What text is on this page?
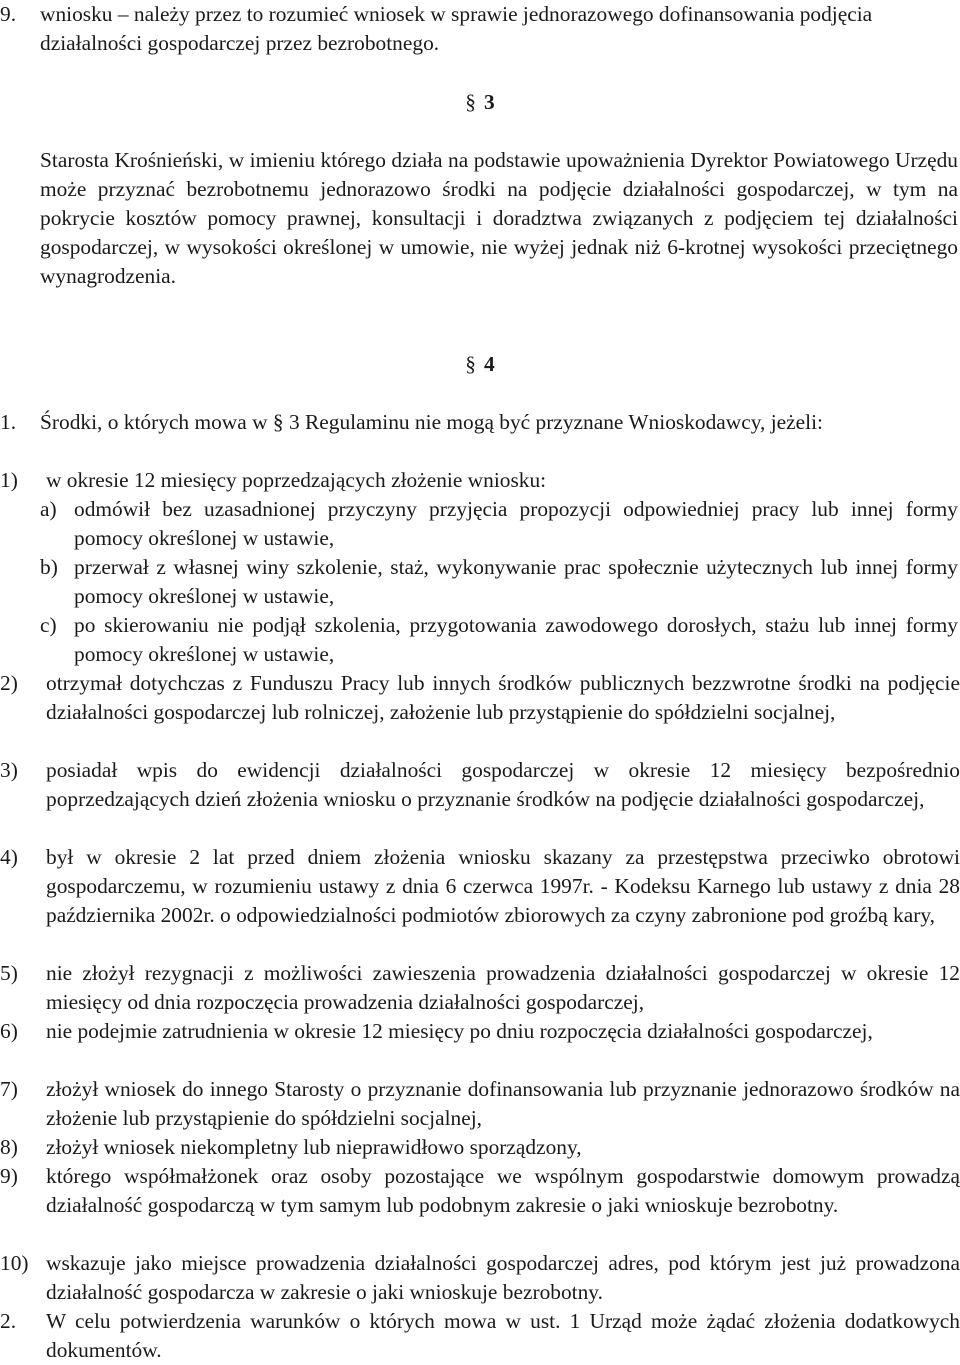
9.	wniosku – należy przez to rozumieć wniosek w sprawie jednorazowego dofinansowania podjęcia działalności gospodarczej przez bezrobotnego.
§ 3
Starosta Krośnieński, w imieniu którego działa na podstawie upoważnienia Dyrektor Powiatowego Urzędu może przyznać bezrobotnemu jednorazowo środki na podjęcie działalności gospodarczej, w tym na pokrycie kosztów pomocy prawnej, konsultacji i doradztwa związanych z podjęciem tej działalności gospodarczej, w wysokości określonej w umowie, nie wyżej jednak niż 6-krotnej wysokości przeciętnego wynagrodzenia.
§ 4
1.	Środki, o których mowa w § 3 Regulaminu nie mogą być przyznane Wnioskodawcy, jeżeli:
1)	w okresie 12 miesięcy poprzedzających złożenie wniosku:
a) odmówił bez uzasadnionej przyczyny przyjęcia propozycji odpowiedniej pracy lub innej formy pomocy określonej w ustawie,
b) przerwał z własnej winy szkolenie, staż, wykonywanie prac społecznie użytecznych lub innej formy pomocy określonej w ustawie,
c) po skierowaniu nie podjął szkolenia, przygotowania zawodowego dorosłych, stażu lub innej formy pomocy określonej w ustawie,
2)	otrzymał dotychczas z Funduszu Pracy lub innych środków publicznych bezzwrotne środki na podjęcie działalności gospodarczej lub rolniczej, założenie lub przystąpienie do spółdzielni socjalnej,
3)	posiadał wpis do ewidencji działalności gospodarczej w okresie 12 miesięcy bezpośrednio poprzedzających dzień złożenia wniosku o przyznanie środków na podjęcie działalności gospodarczej,
4)	był w okresie 2 lat przed dniem złożenia wniosku skazany za przestępstwa przeciwko obrotowi gospodarczemu, w rozumieniu ustawy z dnia 6 czerwca 1997r. - Kodeksu Karnego lub ustawy z dnia 28 października 2002r. o odpowiedzialności podmiotów zbiorowych za czyny zabronione pod groźbą kary,
5)	nie złożył rezygnacji z możliwości zawieszenia prowadzenia działalności gospodarczej w okresie 12 miesięcy od dnia rozpoczęcia prowadzenia działalności gospodarczej,
6)	nie podejmie zatrudnienia w okresie 12 miesięcy po dniu rozpoczęcia działalności gospodarczej,
7)	złożył wniosek do innego Starosty o przyznanie dofinansowania lub przyznanie jednorazowo środków na złożenie lub przystąpienie do spółdzielni socjalnej,
8)	złożył wniosek niekompletny lub nieprawidłowo sporządzony,
9)	którego współmałżonek oraz osoby pozostające we wspólnym gospodarstwie domowym prowadzą działalność gospodarczą w tym samym lub podobnym zakresie o jaki wnioskuje bezrobotny.
10) wskazuje jako miejsce prowadzenia działalności gospodarczej adres, pod którym jest już prowadzona działalność gospodarcza w zakresie o jaki wnioskuje bezrobotny.
2.	W celu potwierdzenia warunków o których mowa w ust. 1 Urząd może żądać złożenia dodatkowych dokumentów.
